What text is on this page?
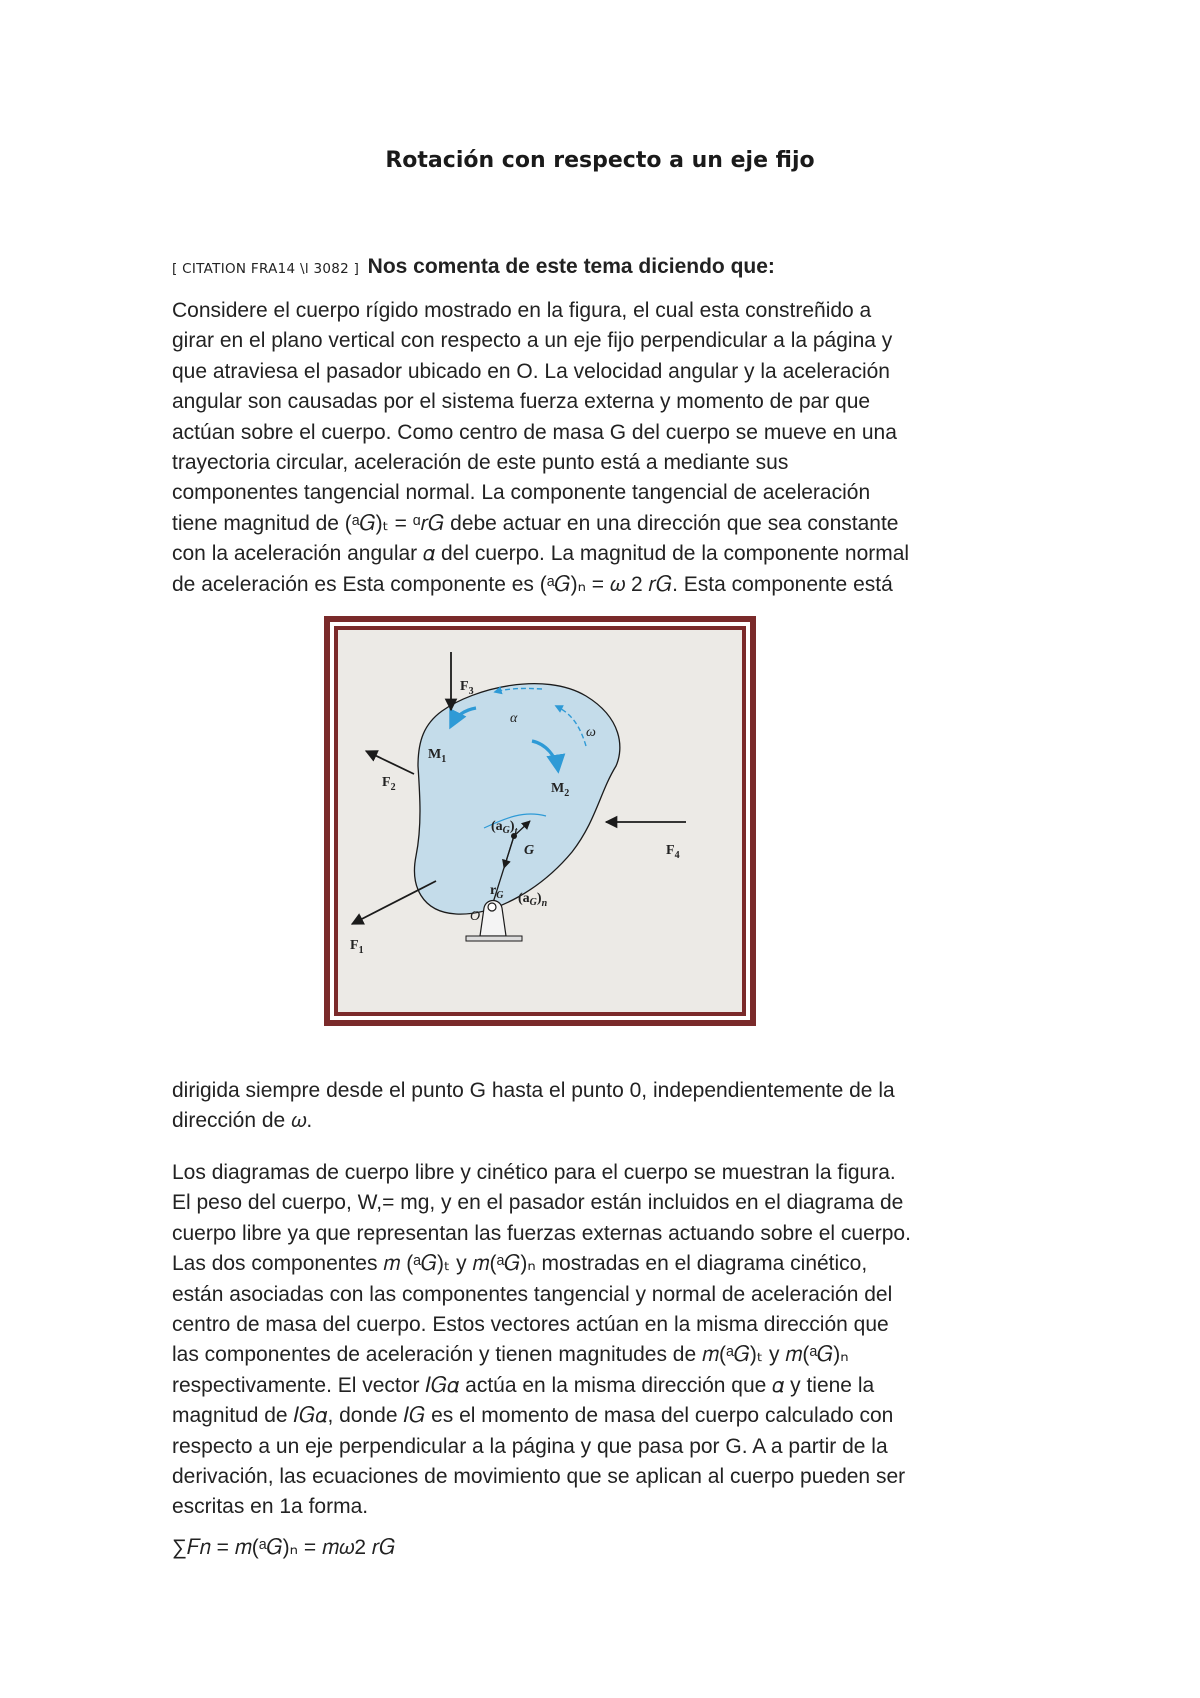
Rotación con respecto a un eje fijo
[ CITATION FRA14 \l 3082 ] Nos comenta de este tema diciendo que:

Considere el cuerpo rígido mostrado en la figura, el cual esta constreñido a
girar en el plano vertical con respecto a un eje fijo perpendicular a la página y
que atraviesa el pasador ubicado en O. La velocidad angular y la aceleración
angular son causadas por el sistema fuerza externa y momento de par que
actúan sobre el cuerpo. Como centro de masa G del cuerpo se mueve en una
trayectoria circular, aceleración de este punto está a mediante sus
componentes tangencial normal. La componente tangencial de aceleración
tiene magnitud de (ᵃ𝐺)ₜ = ᵅ𝑟𝐺 debe actuar en una dirección que sea constante
con la aceleración angular 𝛼 del cuerpo. La magnitud de la componente normal
de aceleración es Esta componente es (ᵃ𝐺)ₙ = 𝜔 2 𝑟𝐺. Esta componente está

$F_3$
α
ω
$M_1$
$F_2$	$M_2$
$(a_G)_t$
G	$F_4$
$r_G$ $(a_G)_n$
O
$F_1$

dirigida siempre desde el punto G hasta el punto 0, independientemente de la
dirección de 𝜔.

Los diagramas de cuerpo libre y cinético para el cuerpo se muestran la figura.
El peso del cuerpo, W,= mg, y en el pasador están incluidos en el diagrama de
cuerpo libre ya que representan las fuerzas externas actuando sobre el cuerpo.
Las dos componentes 𝑚 (ᵃ𝐺)ₜ y 𝑚(ᵃ𝐺)ₙ mostradas en el diagrama cinético,
están asociadas con las componentes tangencial y normal de aceleración del
centro de masa del cuerpo. Estos vectores actúan en la misma dirección que
las componentes de aceleración y tienen magnitudes de 𝑚(ᵃ𝐺)ₜ y 𝑚(ᵃ𝐺)ₙ
respectivamente. El vector 𝐼𝐺𝛼 actúa en la misma dirección que 𝛼 y tiene la
magnitud de 𝐼𝐺𝛼, donde 𝐼𝐺 es el momento de masa del cuerpo calculado con
respecto a un eje perpendicular a la página y que pasa por G. A a partir de la
derivación, las ecuaciones de movimiento que se aplican al cuerpo pueden ser
escritas en 1a forma.

∑𝐹𝑛 = 𝑚(ᵃ𝐺)ₙ = 𝑚𝜔2 𝑟𝐺
